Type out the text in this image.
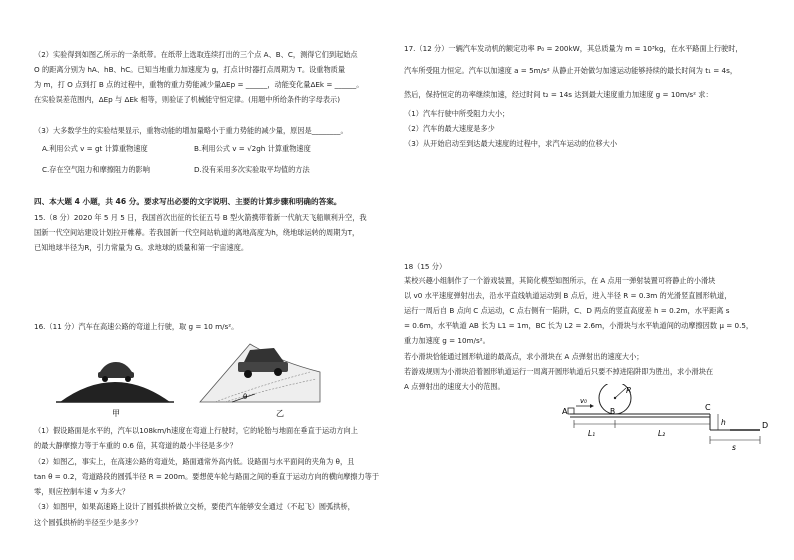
（2）实验得到如图乙所示的一条纸带。在纸带上选取连续打出的三个点 A、B、C，测得它们到起始点
O 的距离分别为 hA、hB、hC。已知当地重力加速度为 g，打点计时器打点周期为 T。设重物质量
为 m，打 O 点到打 B 点的过程中，重物的重力势能减少量ΔEp = ______，动能变化量ΔEk = ______。
在实验误差范围内，ΔEp 与 ΔEk 相等，则验证了机械能守恒定律。(用题中所给条件的字母表示)
（3）大多数学生的实验结果显示，重物动能的增加量略小于重力势能的减少量，原因是________。
A.利用公式 v = gt 计算重物速度	B.利用公式 v = √2gh 计算重物速度
C.存在空气阻力和摩擦阻力的影响	D.没有采用多次实验取平均值的方法
四、本大题 4 小题，共 46 分。要求写出必要的文字说明、主要的计算步骤和明确的答案。
15.（8 分）2020 年 5 月 5 日，我国首次出征的长征五号 B 型火箭携带着新一代航天飞船顺利升空，我
国新一代空间站建设计划拉开帷幕。若我国新一代空间站轨道的离地高度为h，绕地球运转的周期为T，
已知地球半径为R，引力常量为 G。求地球的质量和第一宇宙速度。
16.（11 分）汽车在高速公路的弯道上行驶，取 g = 10 m/s²。
（1）假设路面是水平的，汽车以108km/h速度在弯道上行驶时，它的轮胎与地面在垂直于运动方向上
的最大静摩擦力等于车重的 0.6 倍，其弯道的最小半径是多少？
（2）如图乙，事实上，在高速公路的弯道处，路面通常外高内低。设路面与水平面间的夹角为 θ，且
tan θ = 0.2，弯道路段的圆弧半径 R = 200m。要想使车轮与路面之间的垂直于运动方向的横向摩擦力等于
零，则应控制车速 v 为多大？
（3）如图甲，如果高速路上设计了圆弧拱桥做立交桥，要使汽车能够安全通过（不起飞）圆弧拱桥，
这个圆弧拱桥的半径至少是多少？
甲
θ
乙
17.（12 分）一辆汽车发动机的额定功率 P₀ = 200kW，其总质量为 m = 10³kg，在水平路面上行驶时，
汽车所受阻力恒定。汽车以加速度 a = 5m/s² 从静止开始做匀加速运动能够持续的最长时间为 t₁ = 4s，
然后，保持恒定的功率继续加速，经过时间 t₂ = 14s 达到最大速度重力加速度 g = 10m/s² 求：
（1）汽车行驶中所受阻力大小；
（2）汽车的最大速度是多少
（3）从开始启动至到达最大速度的过程中，求汽车运动的位移大小
18（15 分）
某校兴趣小组制作了一个游戏装置，其简化模型如图所示，在 A 点用一弹射装置可将静止的小滑块
以 v0 水平速度弹射出去，沿水平直线轨道运动到 B 点后，进入半径 R = 0.3m 的光滑竖直圆形轨道，
运行一周后自 B 点向 C 点运动，C 点右侧有一陷阱，C、D 两点的竖直高度差 h = 0.2m，水平距离 s
= 0.6m，水平轨道 AB 长为 L1 = 1m，BC 长为 L2 = 2.6m，小滑块与水平轨道间的动摩擦因数 μ = 0.5，
重力加速度 g = 10m/s²。
若小滑块恰能通过圆形轨道的最高点，求小滑块在 A 点弹射出的速度大小；
若游戏规则为小滑块沿着圆形轨道运行一周离开圆形轨道后只要不掉进陷阱即为胜出，求小滑块在
A 点弹射出的速度大小的范围。
A
v₀
B
R
C
D
L₁	L₂
h
s
